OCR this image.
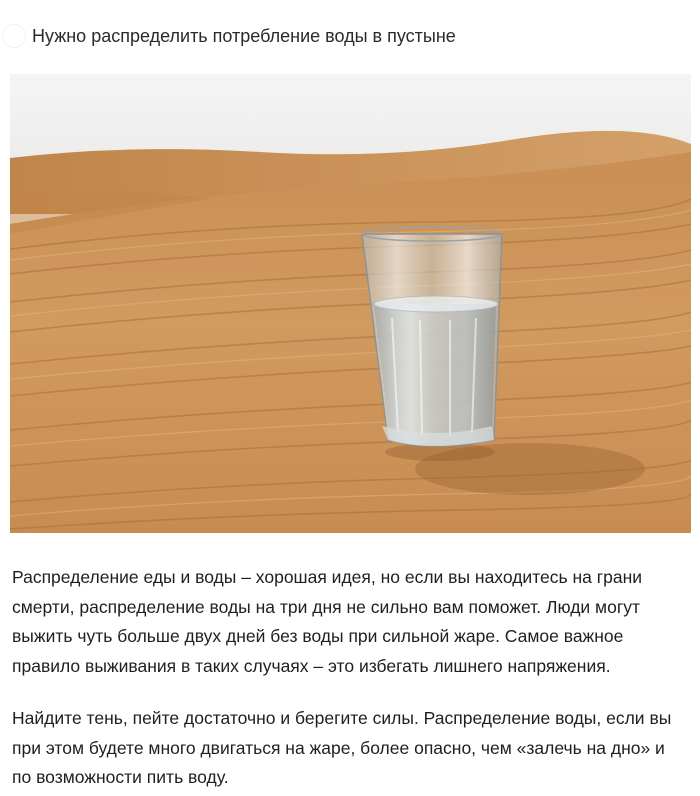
Нужно распределить потребление воды в пустыне
Распределение еды и воды – хорошая идея, но если вы находитесь на грани
смерти, распределение воды на три дня не сильно вам поможет. Люди могут
выжить чуть больше двух дней без воды при сильной жаре. Самое важное
правило выживания в таких случаях – это избегать лишнего напряжения.
Найдите тень, пейте достаточно и берегите силы. Распределение воды, если вы
при этом будете много двигаться на жаре, более опасно, чем «залечь на дно» и
по возможности пить воду.
